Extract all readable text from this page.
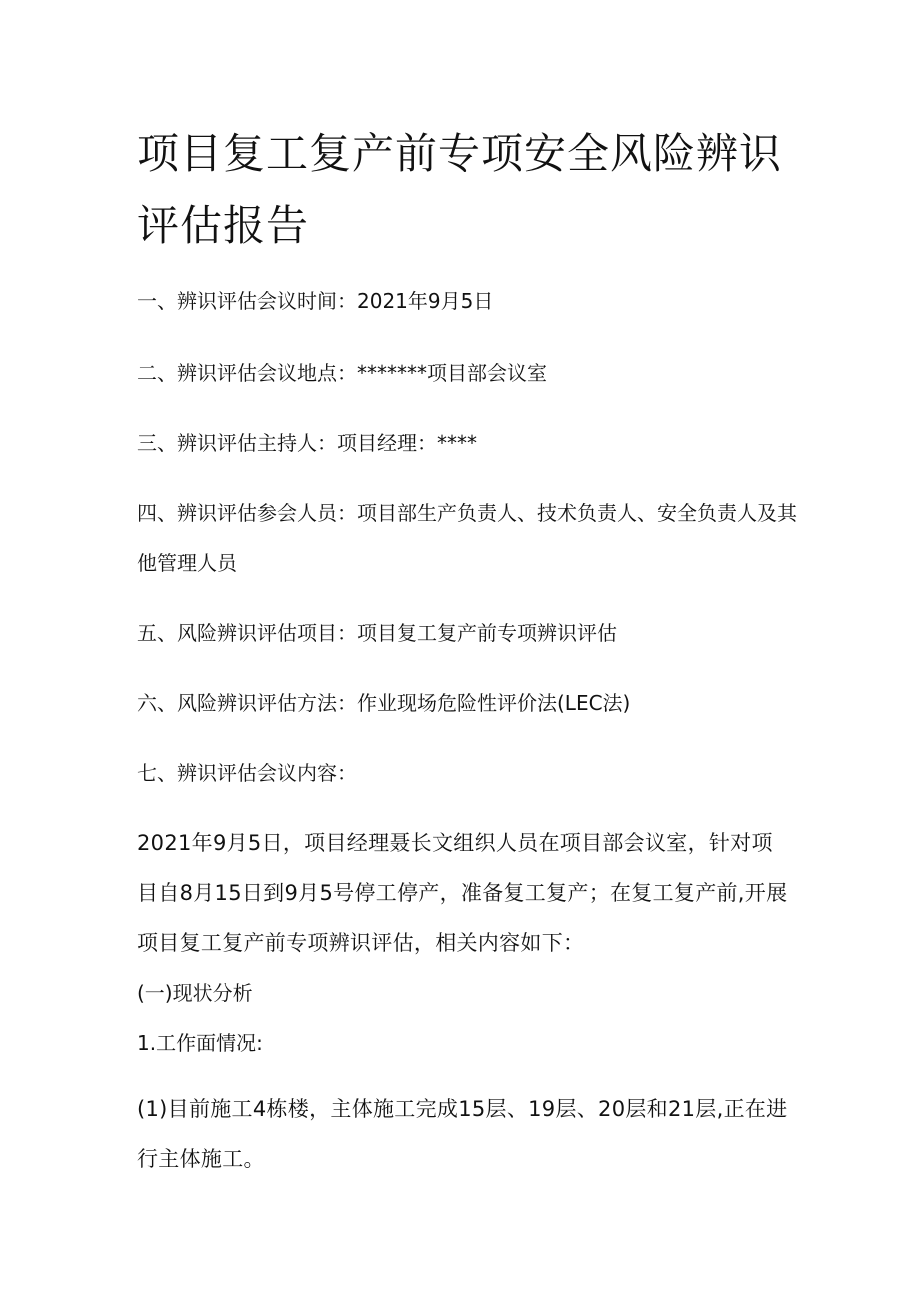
项目复工复产前专项安全风险辨识评估报告
一、辨识评估会议时间：2021年9月5日
二、辨识评估会议地点：*******项目部会议室
三、辨识评估主持人：项目经理：****
四、辨识评估参会人员：项目部生产负责人、技术负责人、安全负责人及其他管理人员
五、风险辨识评估项目：项目复工复产前专项辨识评估
六、风险辨识评估方法：作业现场危险性评价法(LEC法)
七、辨识评估会议内容：
2021年9月5日，项目经理聂长文组织人员在项目部会议室，针对项目自8月15日到9月5号停工停产，准备复工复产；在复工复产前,开展项目复工复产前专项辨识评估，相关内容如下：
(一)现状分析
1.工作面情况:
(1)目前施工4栋楼，主体施工完成15层、19层、20层和21层,正在进行主体施工。
